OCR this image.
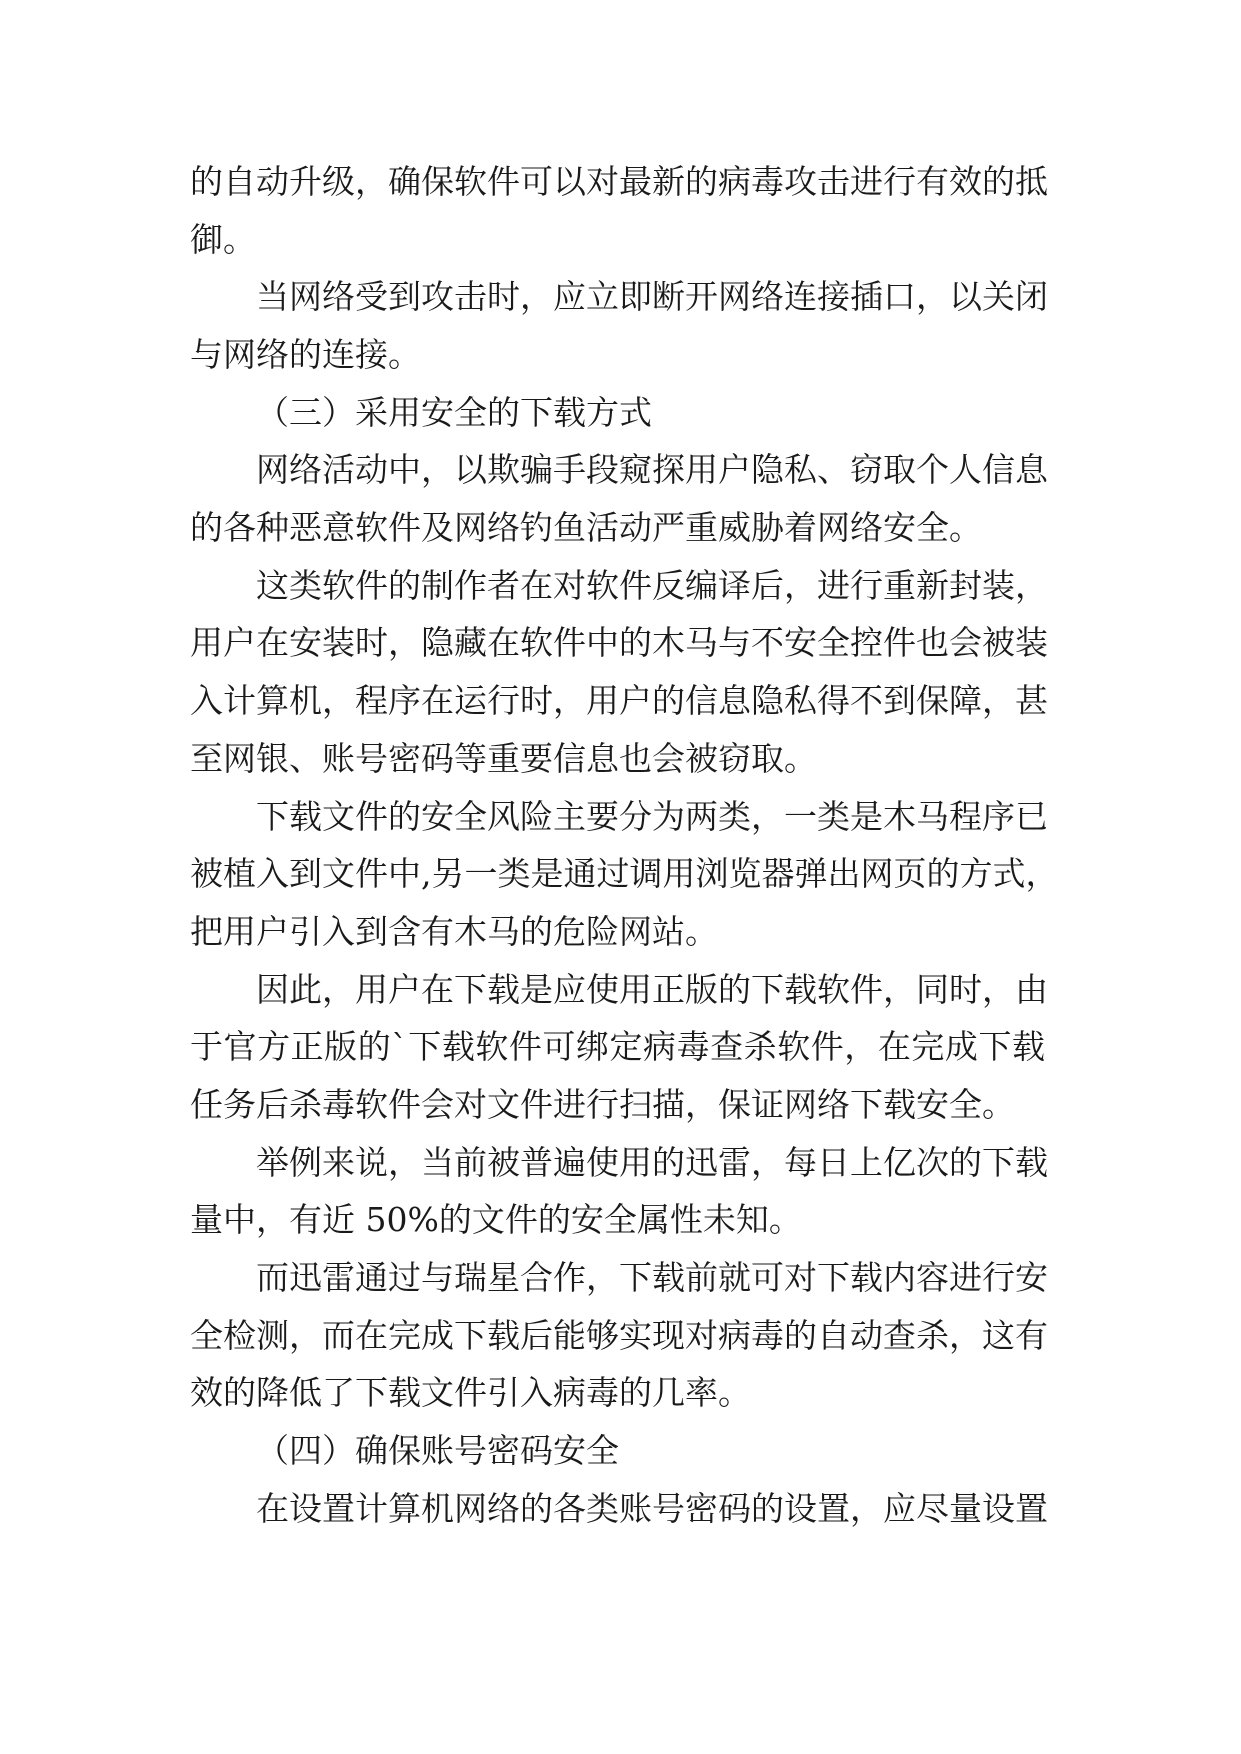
的自动升级，确保软件可以对最新的病毒攻击进行有效的抵
御。
当网络受到攻击时，应立即断开网络连接插口，以关闭
与网络的连接。
（三）采用安全的下载方式
网络活动中，以欺骗手段窥探用户隐私、窃取个人信息
的各种恶意软件及网络钓鱼活动严重威胁着网络安全。
这类软件的制作者在对软件反编译后，进行重新封装，
用户在安装时，隐藏在软件中的木马与不安全控件也会被装
入计算机，程序在运行时，用户的信息隐私得不到保障，甚
至网银、账号密码等重要信息也会被窃取。
下载文件的安全风险主要分为两类，一类是木马程序已
被植入到文件中,另一类是通过调用浏览器弹出网页的方式，
把用户引入到含有木马的危险网站。
因此，用户在下载是应使用正版的下载软件，同时，由
于官方正版的`下载软件可绑定病毒查杀软件，在完成下载
任务后杀毒软件会对文件进行扫描，保证网络下载安全。
举例来说，当前被普遍使用的迅雷，每日上亿次的下载
量中，有近 50%的文件的安全属性未知。
而迅雷通过与瑞星合作，下载前就可对下载内容进行安
全检测，而在完成下载后能够实现对病毒的自动查杀，这有
效的降低了下载文件引入病毒的几率。
（四）确保账号密码安全
在设置计算机网络的各类账号密码的设置，应尽量设置
